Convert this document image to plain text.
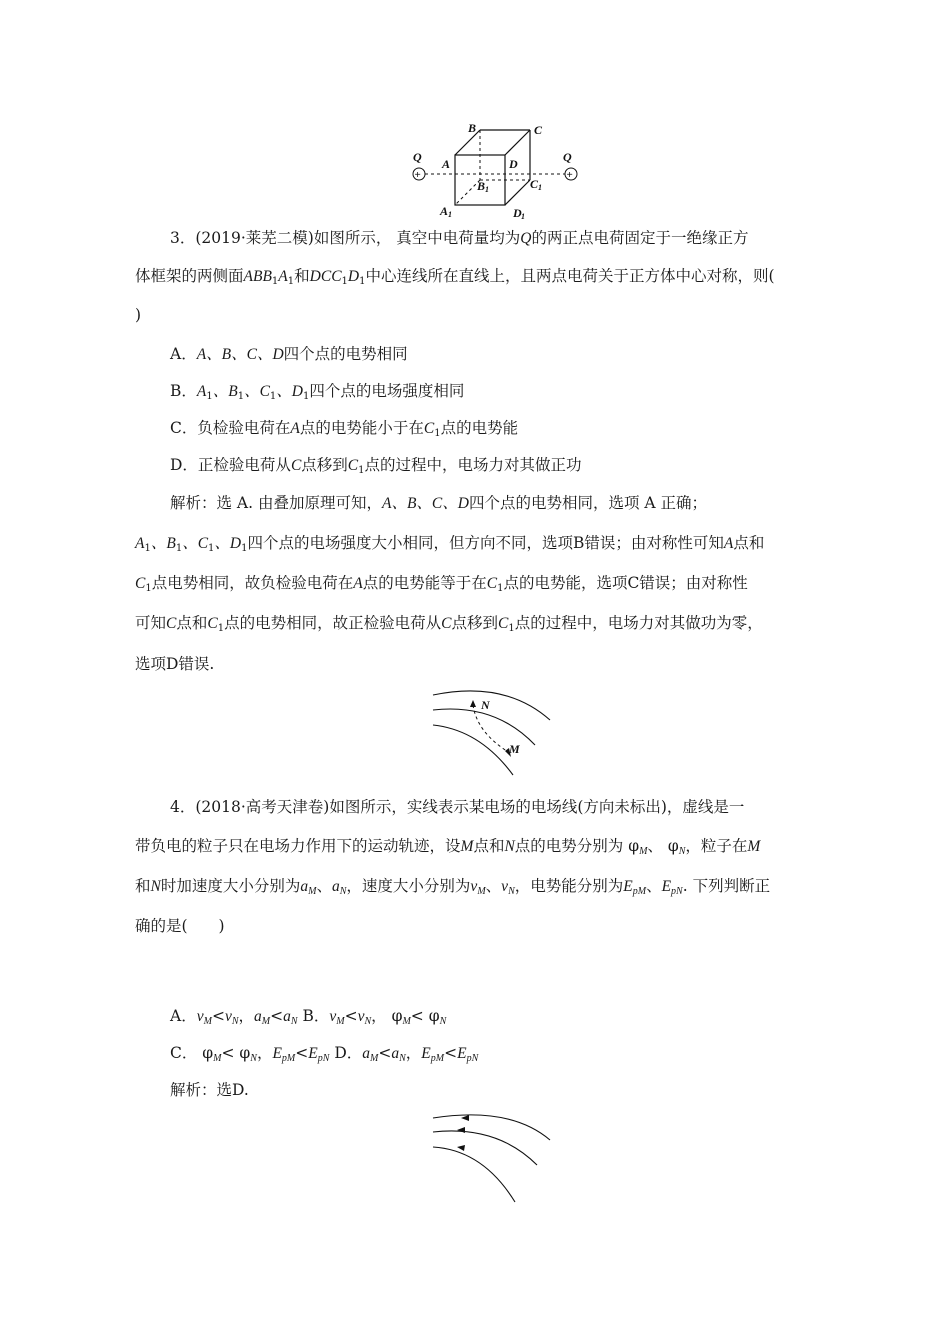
+	+
Q	Q
B	C
A	D
B 1	C 1
A 1	D 1
3．(2019·莱芜二模)如图所示， 真空中电荷量均为Q的两正点电荷固定于一绝缘正方
体框架的两侧面$ABB_1A_1$和$DCC_1D_1$中心连线所在直线上，且两点电荷关于正方体中心对称，则(
)
A．A、B、C、D四个点的电势相同
B．$A_1$、$B_1$、$C_1$、$D_1$四个点的电场强度相同
C．负检验电荷在A点的电势能小于在$C_1$点的电势能
D．正检验电荷从C点移到$C_1$点的过程中，电场力对其做正功
解析：选 A. 由叠加原理可知，A、B、C、D四个点的电势相同，选项 A 正确；
$A_1$、$B_1$、$C_1$、$D_1$四个点的电场强度大小相同，但方向不同，选项B错误；由对称性可知A点和
$C_1$点电势相同，故负检验电荷在A点的电势能等于在$C_1$点的电势能，选项C错误；由对称性
可知C点和$C_1$点的电势相同，故正检验电荷从C点移到$C_1$点的过程中，电场力对其做功为零，
选项D错误.
N
M
4．(2018·高考天津卷)如图所示，实线表示某电场的电场线(方向未标出)，虚线是一
带负电的粒子只在电场力作用下的运动轨迹，设M点和N点的电势分别为 $\varphi_M$、 $\varphi_N$，粒子在M
和N时加速度大小分别为$a_M$、$a_N$，速度大小分别为$v_M$、$v_N$，电势能分别为$E_{pM}$、$E_{pN}$. 下列判断正
确的是(　　)
A．$v_M<v_N$，$a_M<a_N$ B．$v_M<v_N$， $\varphi_M< \varphi_N$
C． $\varphi_M< \varphi_N$，$E_{pM}<E_{pN}$ D．$a_M<a_N$，$E_{pM}<E_{pN}$
解析：选D.
